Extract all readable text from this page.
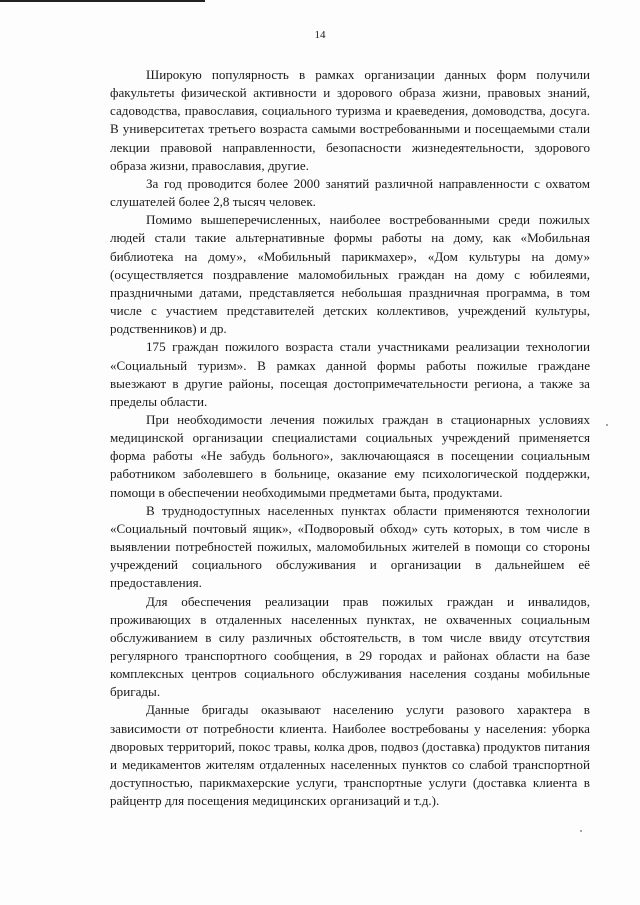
14

Широкую популярность в рамках организации данных форм получили факультеты физической активности и здорового образа жизни, правовых знаний, садоводства, православия, социального туризма и краеведения, домоводства, досуга. В университетах третьего возраста самыми востребованными и посещаемыми стали лекции правовой направленности, безопасности жизнедеятельности, здорового образа жизни, православия, другие.

За год проводится более 2000 занятий различной направленности с охватом слушателей более 2,8 тысяч человек.

Помимо вышеперечисленных, наиболее востребованными среди пожилых людей стали такие альтернативные формы работы на дому, как «Мобильная библиотека на дому», «Мобильный парикмахер», «Дом культуры на дому» (осуществляется поздравление маломобильных граждан на дому с юбилеями, праздничными датами, представляется небольшая праздничная программа, в том числе с участием представителей детских коллективов, учреждений культуры, родственников) и др.

175 граждан пожилого возраста стали участниками реализации технологии «Социальный туризм». В рамках данной формы работы пожилые граждане выезжают в другие районы, посещая достопримечательности региона, а также за пределы области.

При необходимости лечения пожилых граждан в стационарных условиях медицинской организации специалистами социальных учреждений применяется форма работы «Не забудь больного», заключающаяся в посещении социальным работником заболевшего в больнице, оказание ему психологической поддержки, помощи в обеспечении необходимыми предметами быта, продуктами.

В труднодоступных населенных пунктах области применяются технологии «Социальный почтовый ящик», «Подворовый обход» суть которых, в том числе в выявлении потребностей пожилых, маломобильных жителей в помощи со стороны учреждений социального обслуживания и организации в дальнейшем её предоставления.

Для обеспечения реализации прав пожилых граждан и инвалидов, проживающих в отдаленных населенных пунктах, не охваченных социальным обслуживанием в силу различных обстоятельств, в том числе ввиду отсутствия регулярного транспортного сообщения, в 29 городах и районах области на базе комплексных центров социального обслуживания населения созданы мобильные бригады.

Данные бригады оказывают населению услуги разового характера в зависимости от потребности клиента. Наиболее востребованы у населения: уборка дворовых территорий, покос травы, колка дров, подвоз (доставка) продуктов питания и медикаментов жителям отдаленных населенных пунктов со слабой транспортной доступностью, парикмахерские услуги, транспортные услуги (доставка клиента в райцентр для посещения медицинских организаций и т.д.).
